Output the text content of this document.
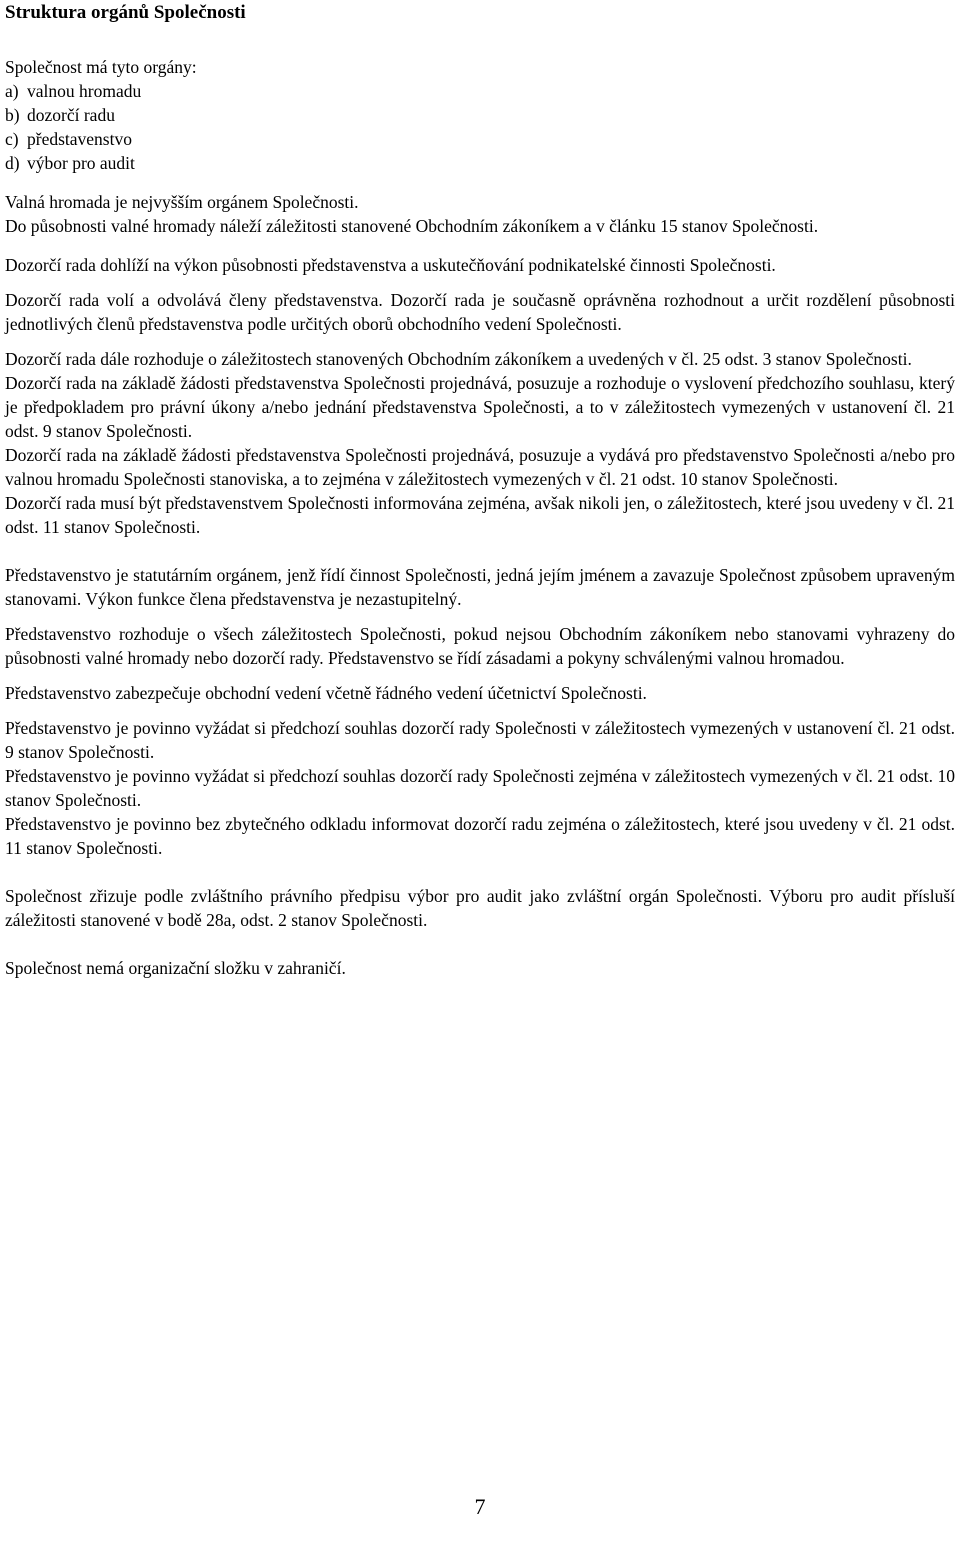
Struktura orgánů Společnosti

Společnost má tyto orgány:

a) valnou hromadu
b) dozorčí radu
c) představenstvo
d) výbor pro audit

Valná hromada je nejvyšším orgánem Společnosti.

Do působnosti valné hromady náleží záležitosti stanovené Obchodním zákoníkem a v článku 15 stanov Společnosti.

Dozorčí rada dohlíží na výkon působnosti představenstva a uskutečňování podnikatelské činnosti Společnosti.

Dozorčí rada volí a odvolává členy představenstva. Dozorčí rada je současně oprávněna rozhodnout a určit rozdělení působnosti jednotlivých členů představenstva podle určitých oborů obchodního vedení Společnosti.

Dozorčí rada dále rozhoduje o záležitostech stanovených Obchodním zákoníkem a uvedených v čl. 25 odst. 3 stanov Společnosti.

Dozorčí rada na základě žádosti představenstva Společnosti projednává, posuzuje a rozhoduje o vyslovení předchozího souhlasu, který je předpokladem pro právní úkony a/nebo jednání představenstva Společnosti, a to v záležitostech vymezených v ustanovení čl. 21 odst. 9 stanov Společnosti.

Dozorčí rada na základě žádosti představenstva Společnosti projednává, posuzuje a vydává pro představenstvo Společnosti a/nebo pro valnou hromadu Společnosti stanoviska, a to zejména v záležitostech vymezených v čl. 21 odst. 10 stanov Společnosti.

Dozorčí rada musí být představenstvem Společnosti informována zejména, avšak nikoli jen, o záležitostech, které jsou uvedeny v čl. 21 odst. 11 stanov Společnosti.

Představenstvo je statutárním orgánem, jenž řídí činnost Společnosti, jedná jejím jménem a zavazuje Společnost způsobem upraveným stanovami. Výkon funkce člena představenstva je nezastupitelný.

Představenstvo rozhoduje o všech záležitostech Společnosti, pokud nejsou Obchodním zákoníkem nebo stanovami vyhrazeny do působnosti valné hromady nebo dozorčí rady. Představenstvo se řídí zásadami a pokyny schválenými valnou hromadou.

Představenstvo zabezpečuje obchodní vedení včetně řádného vedení účetnictví Společnosti.

Představenstvo je povinno vyžádat si předchozí souhlas dozorčí rady Společnosti v záležitostech vymezených v ustanovení čl. 21 odst. 9 stanov Společnosti.

Představenstvo je povinno vyžádat si předchozí souhlas dozorčí rady Společnosti zejména v záležitostech vymezených v čl. 21 odst. 10 stanov Společnosti.

Představenstvo je povinno bez zbytečného odkladu informovat dozorčí radu zejména o záležitostech, které jsou uvedeny v čl. 21 odst. 11 stanov Společnosti.

Společnost zřizuje podle zvláštního právního předpisu výbor pro audit jako zvláštní orgán Společnosti. Výboru pro audit přísluší záležitosti stanovené v bodě 28a, odst. 2 stanov Společnosti.

Společnost nemá organizační složku v zahraničí.

7
